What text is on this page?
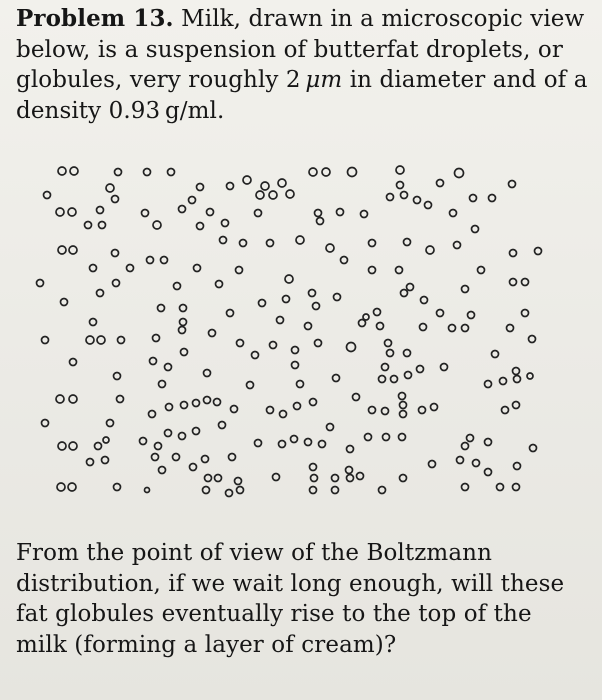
Problem 13. Milk, drawn in a microscopic view below, is a suspension of butterfat droplets, or globules, very roughly 2 μm in diameter and of a density 0.93 g/ml.

From the point of view of the Boltzmann distribution, if we wait long enough, will these fat globules eventually rise to the top of the milk (forming a layer of cream)?
